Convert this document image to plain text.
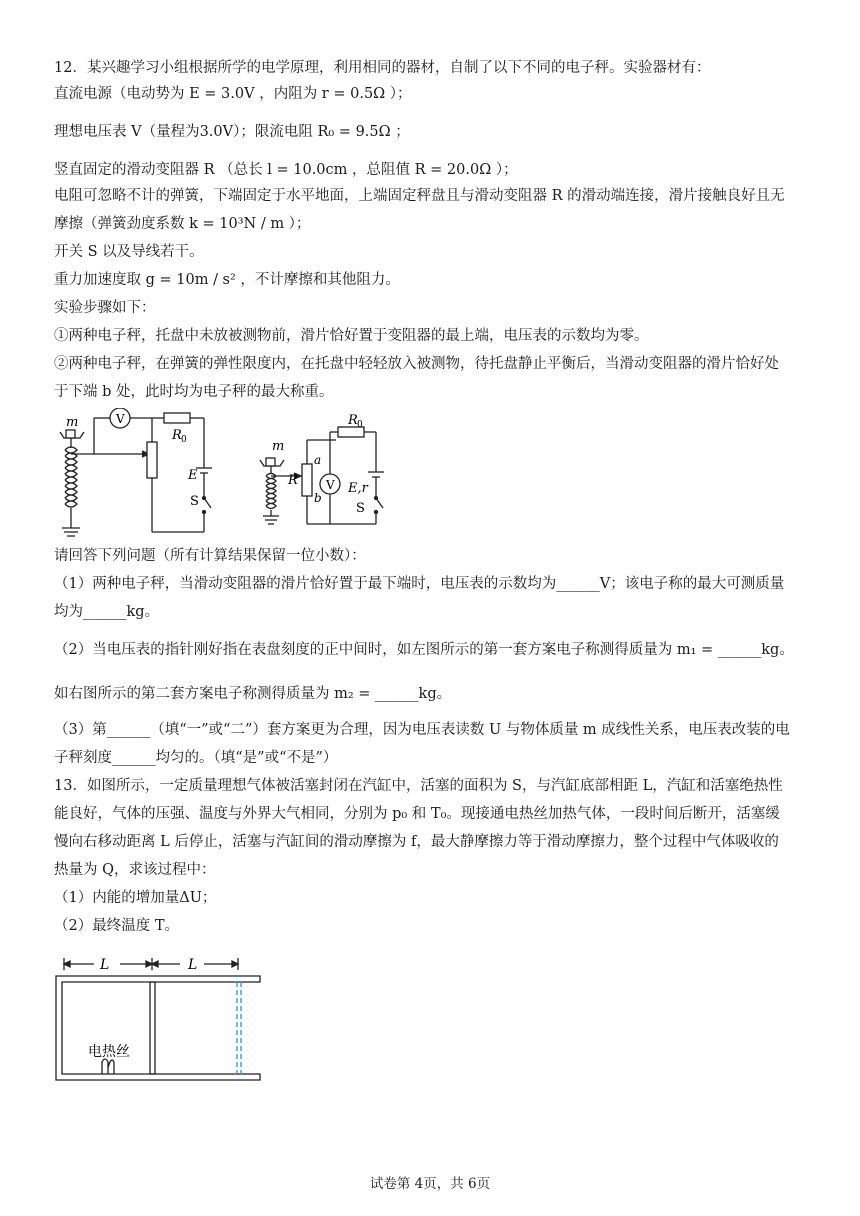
12．某兴趣学习小组根据所学的电学原理，利用相同的器材，自制了以下不同的电子秤。实验器材有：
直流电源（电动势为 E = 3.0V ，内阻为 r = 0.5Ω ）；
理想电压表 V（量程为3.0V）；限流电阻 R₀ = 9.5Ω ；
竖直固定的滑动变阻器 R （总长 l = 10.0cm ，总阻值 R = 20.0Ω ）；
电阻可忽略不计的弹簧，下端固定于水平地面，上端固定秤盘且与滑动变阻器 R 的滑动端连接，滑片接触良好且无
摩擦（弹簧劲度系数 k = 10³N / m ）；
开关 S 以及导线若干。
重力加速度取 g = 10m / s² ，不计摩擦和其他阻力。
实验步骤如下：
①两种电子秤，托盘中未放被测物前，滑片恰好置于变阻器的最上端，电压表的示数均为零。
②两种电子秤，在弹簧的弹性限度内，在托盘中轻轻放入被测物，待托盘静止平衡后，当滑动变阻器的滑片恰好处
于下端 b 处，此时均为电子秤的最大称重。
m	V
R 0
E
S
R 0
m
R
a
b
V E,r
S
请回答下列问题（所有计算结果保留一位小数）：
（1）两种电子秤，当滑动变阻器的滑片恰好置于最下端时，电压表的示数均为______V；该电子称的最大可测质量
均为______kg。
（2）当电压表的指针刚好指在表盘刻度的正中间时，如左图所示的第一套方案电子称测得质量为 m₁ = ______kg。
如右图所示的第二套方案电子称测得质量为 m₂ = ______kg。
（3）第______（填“一”或“二”）套方案更为合理，因为电压表读数 U 与物体质量 m 成线性关系，电压表改装的电
子秤刻度______均匀的。（填“是”或“不是”）
13．如图所示，一定质量理想气体被活塞封闭在汽缸中，活塞的面积为 S，与汽缸底部相距 L，汽缸和活塞绝热性
能良好，气体的压强、温度与外界大气相同，分别为 p₀ 和 T₀。现接通电热丝加热气体，一段时间后断开，活塞缓
慢向右移动距离 L 后停止，活塞与汽缸间的滑动摩擦为 f，最大静摩擦力等于滑动摩擦力，整个过程中气体吸收的
热量为 Q，求该过程中：
（1）内能的增加量ΔU；
（2）最终温度 T。
L	L
电热丝
试卷第 4页，共 6页
